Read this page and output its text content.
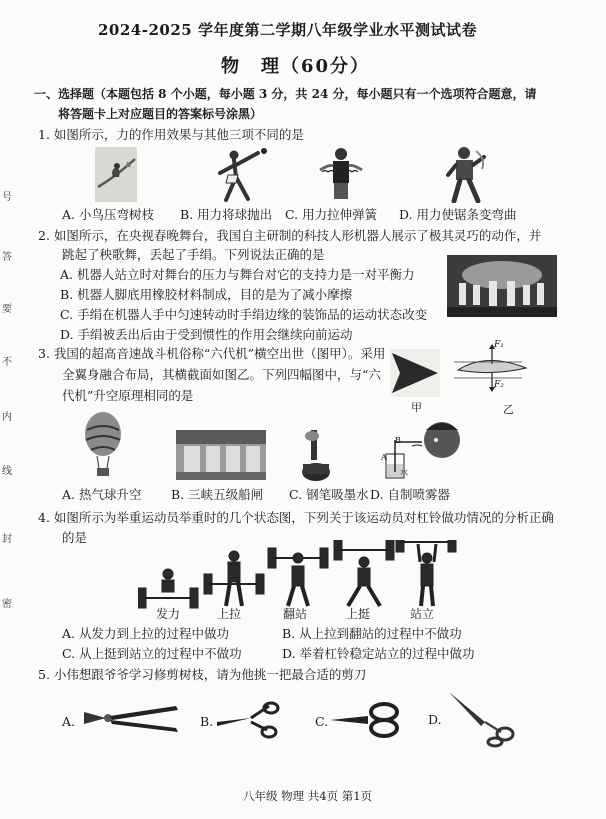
2024-2025 学年度第二学期八年级学业水平测试试卷
物　理（60分）
号
答
要
不
内
线
封
密
一、选择题（本题包括 8 个小题，每小题 3 分，共 24 分，每小题只有一个选项符合题意，请
将答题卡上对应题目的答案标号涂黑）
1. 如图所示，力的作用效果与其他三项不同的是
A. 小鸟压弯树枝 B. 用力将球抛出 C. 用力拉伸弹簧 D. 用力使锯条变弯曲
2. 如图所示，在央视春晚舞台，我国自主研制的科技人形机器人展示了极其灵巧的动作，并
跳起了秧歌舞，丢起了手绢。下列说法正确的是
A. 机器人站立时对舞台的压力与舞台对它的支持力是一对平衡力
B. 机器人脚底用橡胶材料制成，目的是为了减小摩擦
C. 手绢在机器人手中匀速转动时手绢边缘的装饰品的运动状态改变
D. 手绢被丢出后由于受到惯性的作用会继续向前运动
3. 我国的超高音速战斗机俗称“六代机”横空出世（图甲）。采用
全翼身融合布局，其横截面如图乙。下列四幅图中，与“六
代机”升空原理相同的是
甲
F₁
F₂
乙
B
A
水
A. 热气球升空 B. 三峡五级船闸 C. 钢笔吸墨水 D. 自制喷雾器
4. 如图所示为举重运动员举重时的几个状态图，下列关于该运动员对杠铃做功情况的分析正确
的是
发力	上拉	翻站	上挺	站立
A. 从发力到上拉的过程中做功	B. 从上拉到翻站的过程中不做功
C. 从上挺到站立的过程中不做功	D. 举着杠铃稳定站立的过程中做功
5. 小伟想跟爷爷学习修剪树枝，请为他挑一把最合适的剪刀
A.	B.	C.	D.
八年级 物理 共4页 第1页
